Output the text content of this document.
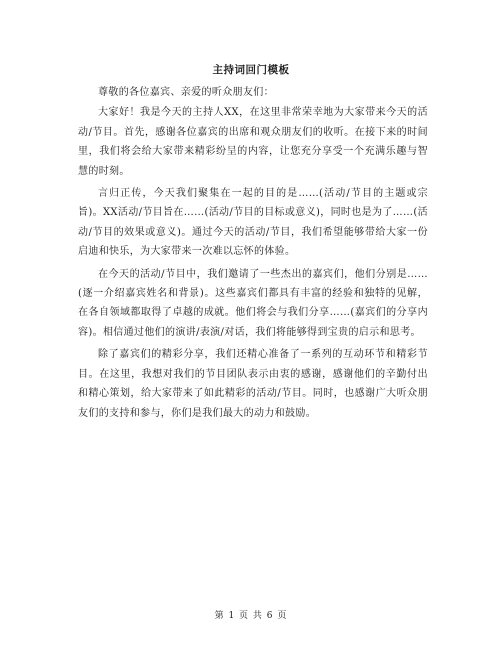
主持词回门模板

尊敬的各位嘉宾、亲爱的听众朋友们：

大家好！我是今天的主持人XX，在这里非常荣幸地为大家带来今天的活动/节目。首先，感谢各位嘉宾的出席和观众朋友们的收听。在接下来的时间里，我们将会给大家带来精彩纷呈的内容，让您充分享受一个充满乐趣与智慧的时刻。

言归正传，今天我们聚集在一起的目的是……(活动/节目的主题或宗旨)。XX活动/节目旨在……(活动/节目的目标或意义)，同时也是为了……(活动/节目的效果或意义)。通过今天的活动/节目，我们希望能够带给大家一份启迪和快乐，为大家带来一次难以忘怀的体验。

在今天的活动/节目中，我们邀请了一些杰出的嘉宾们，他们分别是……(逐一介绍嘉宾姓名和背景)。这些嘉宾们都具有丰富的经验和独特的见解，在各自领域都取得了卓越的成就。他们将会与我们分享……(嘉宾们的分享内容)。相信通过他们的演讲/表演/对话，我们将能够得到宝贵的启示和思考。

除了嘉宾们的精彩分享，我们还精心准备了一系列的互动环节和精彩节目。在这里，我想对我们的节目团队表示由衷的感谢，感谢他们的辛勤付出和精心策划，给大家带来了如此精彩的活动/节目。同时，也感谢广大听众朋友们的支持和参与，你们是我们最大的动力和鼓励。

第 1 页 共 6 页
